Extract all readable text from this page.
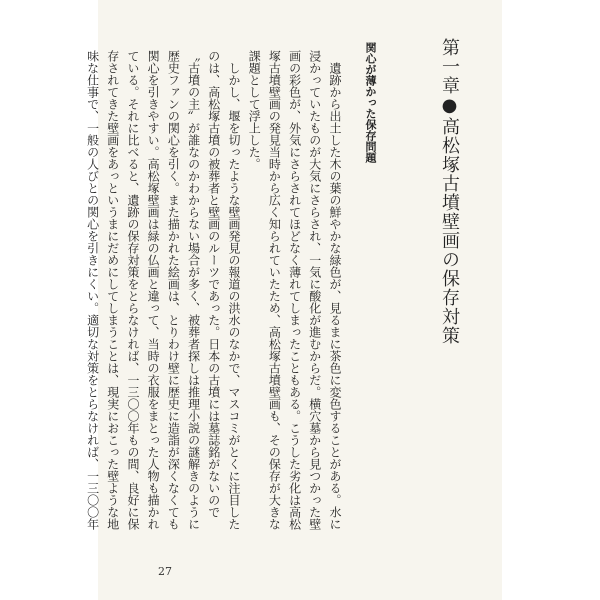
第一章●高松塚古墳壁画の保存対策
関心が薄かった保存問題

遺跡から出土した木の葉の鮮やかな緑色が、見るまに茶色に変色することがある。水に浸かっていたものが大気にさらされ、一気に酸化が進むからだ。横穴墓から見つかった壁画の彩色が、外気にさらされてほどなく薄れてしまったこともある。こうした劣化は高松塚古墳壁画の発見当時から広く知られていたため、高松塚古墳壁画も、その保存が大きな課題として浮上した。

しかし、堰を切ったような壁画発見の報道の洪水のなかで、マスコミがとくに注目したのは、高松塚古墳の被葬者と壁画のルーツであった。日本の古墳には墓誌銘がないので〝古墳の主〟が誰なのかわからない場合が多く、被葬者探しは推理小説の謎解きのように歴史ファンの関心を引く。また描かれた絵画は、とりわけ壁に歴史に造詣が深くなくても関心を引きやすい。高松塚壁画は緑の仏画と違って、当時の衣服をまとった人物も描かれている。それに比べると、遺跡の保存対策をとらなければ、一三〇〇年もの間、良好に保存されてきた壁画をあっというまにだめにしてしまうことは、現実におこった壁ような地味な仕事で、一般の人びとの関心を引きにくい。適切な対策をとらなければ、一三〇〇年

27
